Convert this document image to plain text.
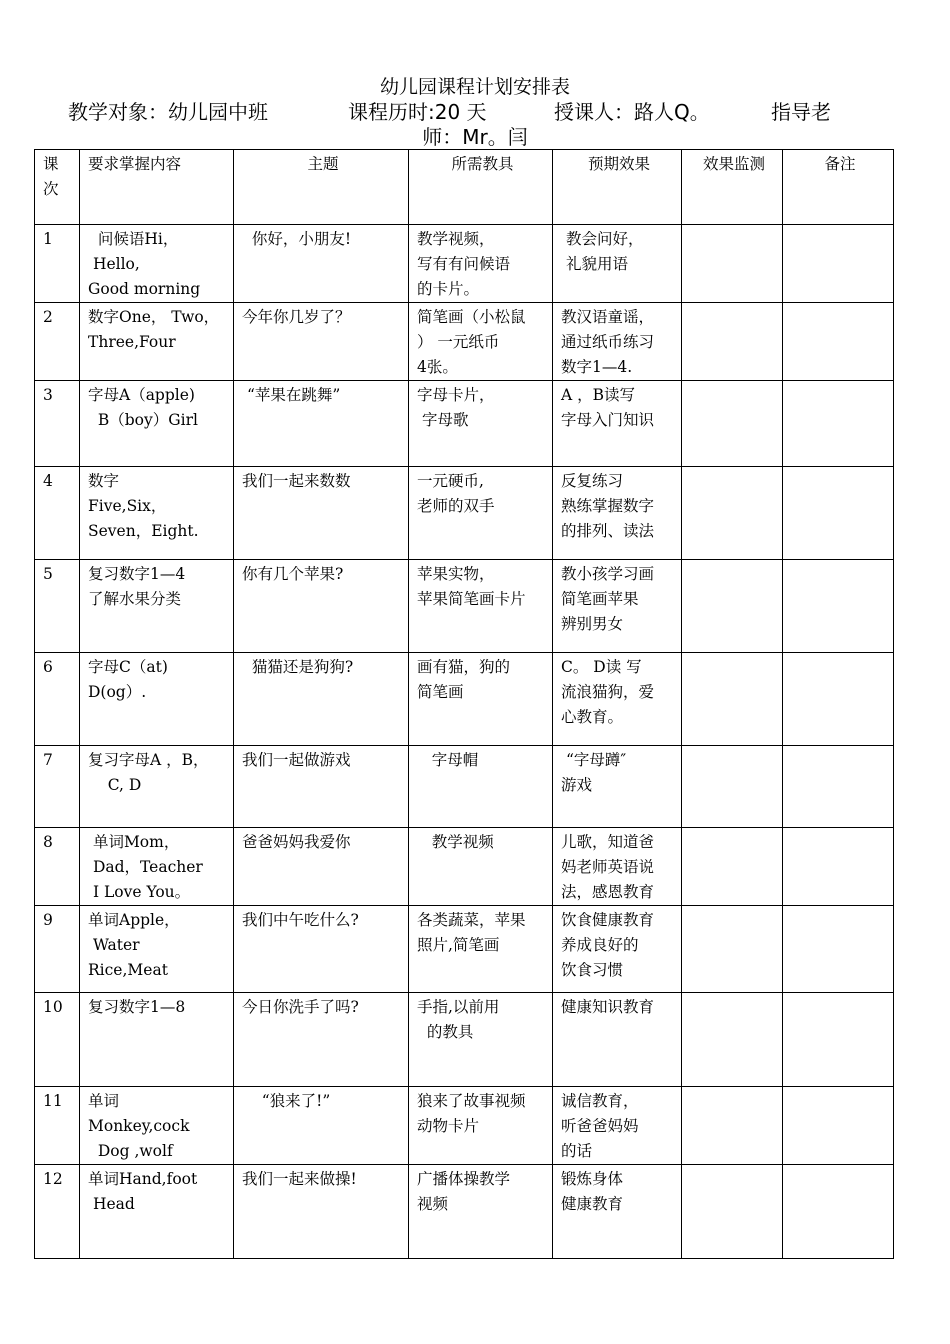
幼儿园课程计划安排表
教学对象：幼儿园中班	课程历时:20 天	授课人：路人Q。	指导老
师：Mr。闫
课
次	要求掌握内容	主题	所需教具	预期效果	效果监测	备注
1	问候语Hi，
Hello,
Good morning	你好，小朋友!	教学视频，
写有有问候语
的卡片。	教会问好，
礼貌用语		
2	数字One， Two，
Three,Four	今年你几岁了？	简笔画（小松鼠
） 一元纸币
4张。	教汉语童谣，
通过纸币练习
数字1—4.		
3	字母A（apple)
B（boy）Girl	“苹果在跳舞”	字母卡片，
字母歌	A ，B读写
字母入门知识		
4	数字
Five,Six，
Seven，Eight.	我们一起来数数	一元硬币,
老师的双手	反复练习
熟练掌握数字
的排列、读法		
5	复习数字1—4
了解水果分类	你有几个苹果?	苹果实物，
苹果简笔画卡片	教小孩学习画
简笔画苹果
辨别男女		
6	字母C（at)
D(og）.	猫猫还是狗狗?	画有猫，狗的
简笔画	C。 D读 写
流浪猫狗，爱
心教育。		
7	复习字母A ，B，
C, D	我们一起做游戏	字母帽	“字母蹲″
游戏		
8	单词Mom，
Dad，Teacher
I Love You。	爸爸妈妈我爱你	教学视频	儿歌，知道爸
妈老师英语说
法，感恩教育		
9	单词Apple，
Water
Rice,Meat	我们中午吃什么?	各类蔬菜，苹果
照片,简笔画	饮食健康教育
养成良好的
饮食习惯		
10	复习数字1—8	今日你洗手了吗?	手指,以前用
的教具	健康知识教育		
11	单词
Monkey,cock
Dog ,wolf	“狼来了!”	狼来了故事视频
动物卡片	诚信教育，
听爸爸妈妈
的话		
12	单词Hand,foot
Head	我们一起来做操!	广播体操教学
视频	锻炼身体
健康教育		
